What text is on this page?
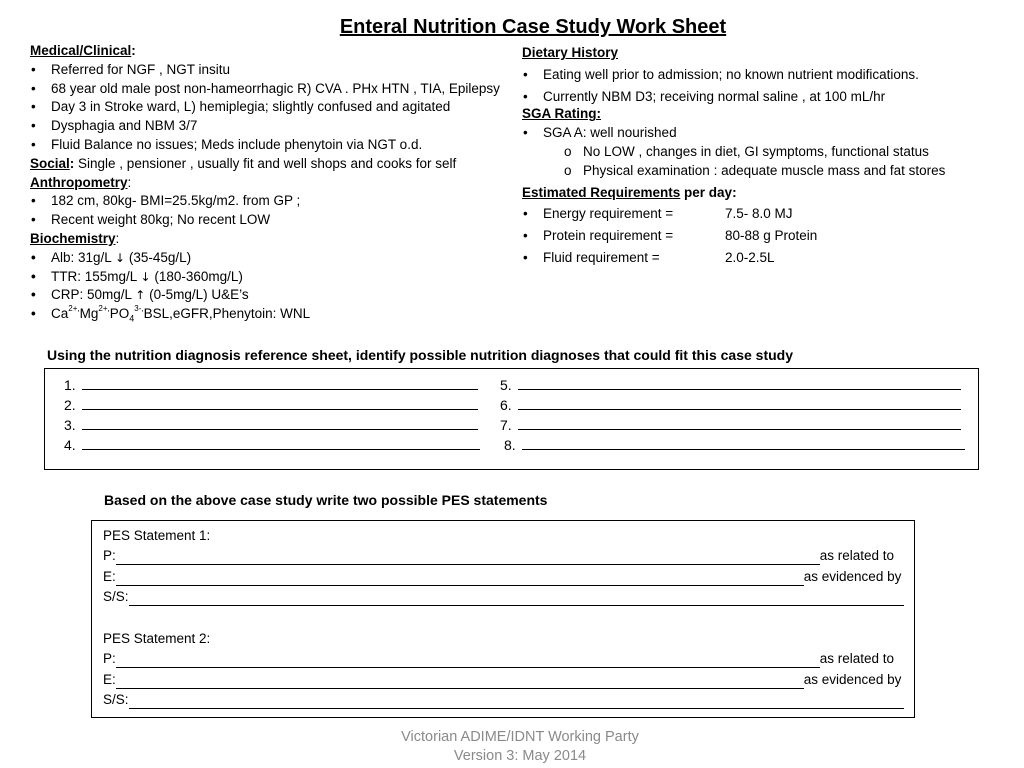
Enteral Nutrition Case Study Work Sheet
Medical/Clinical:
• Referred for NGF , NGT insitu
• 68 year old male post non-hameorrhagic R) CVA . PHx HTN , TIA, Epilepsy
• Day 3 in Stroke ward, L) hemiplegia; slightly confused and agitated
• Dysphagia and NBM 3/7
• Fluid Balance no issues; Meds include phenytoin via NGT o.d.
Social: Single , pensioner , usually fit and well shops and cooks for self
Anthropometry:
• 182 cm, 80kg- BMI=25.5kg/m2. from GP ;
• Recent weight 80kg; No recent LOW
Biochemistry:
• Alb: 31g/L ↓ (35-45g/L)
• TTR: 155mg/L ↓ (180-360mg/L)
• CRP: 50mg/L ↑ (0-5mg/L) U&E’s
• $Ca^{2+,}Mg^{2+,}PO_4^{3-,}BSL,eGFR,Phenytoin$: WNL
Dietary History
• Eating well prior to admission; no known nutrient modifications.
• Currently NBM D3; receiving normal saline , at 100 mL/hr
SGA Rating:
• SGA A: well nourished
o No LOW , changes in diet, GI symptoms, functional status
o Physical examination : adequate muscle mass and fat stores
Estimated Requirements per day:
• Energy requirement =	7.5- 8.0 MJ
• Protein requirement =	80-88 g Protein
• Fluid requirement =	2.0-2.5L
Using the nutrition diagnosis reference sheet, identify possible nutrition diagnoses that could fit this case study
1.
2.
3.
4.
5.
6.
7.
8.
Based on the above case study write two possible PES statements
PES Statement 1:
P:	as related to
E:	as evidenced by
S/S:
PES Statement 2:
P:	as related to
E:	as evidenced by
S/S:
Victorian ADIME/IDNT Working Party
Version 3: May 2014
